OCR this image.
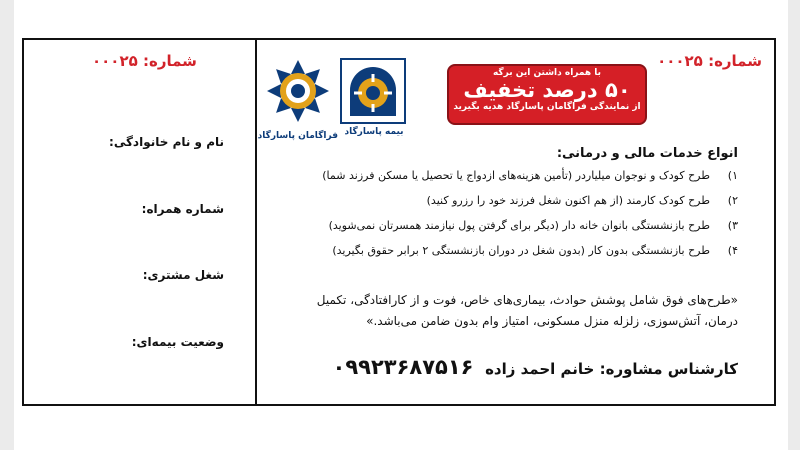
شماره: ۰۰۰۲۵
نام و نام خانوادگی:
شماره همراه:
شغل مشتری:
وضعیت بیمه‌ای:
شماره: ۰۰۰۲۵
بیمه پاسارگاد
فراگامان پاسارگاد
با همراه داشتن این برگه
۵۰ درصد تخفیف
از نمایندگی فراگامان پاسارگاد هدیه بگیرید
انواع خدمات مالی و درمانی:
۱)
طرح کودک و نوجوان میلیاردر (تأمین هزینه‌های ازدواج یا تحصیل یا مسکن فرزند شما)
۲)
طرح کودک کارمند (از هم اکنون شغل فرزند خود را رزرو کنید)
۳)
طرح بازنشستگی بانوان خانه دار (دیگر برای گرفتن پول نیازمند همسرتان نمی‌شوید)
۴)
طرح بازنشستگی بدون کار (بدون شغل در دوران بازنشستگی ۲ برابر حقوق بگیرید)
«طرح‌های فوق شامل پوشش حوادث، بیماری‌های خاص، فوت و از کارافتادگی، تکمیل درمان، آتش‌سوزی، زلزله منزل مسکونی، امتیاز وام بدون ضامن می‌باشد.»
کارشناس مشاوره: خانم احمد زاده ۰۹۹۲۳۶۸۷۵۱۶
